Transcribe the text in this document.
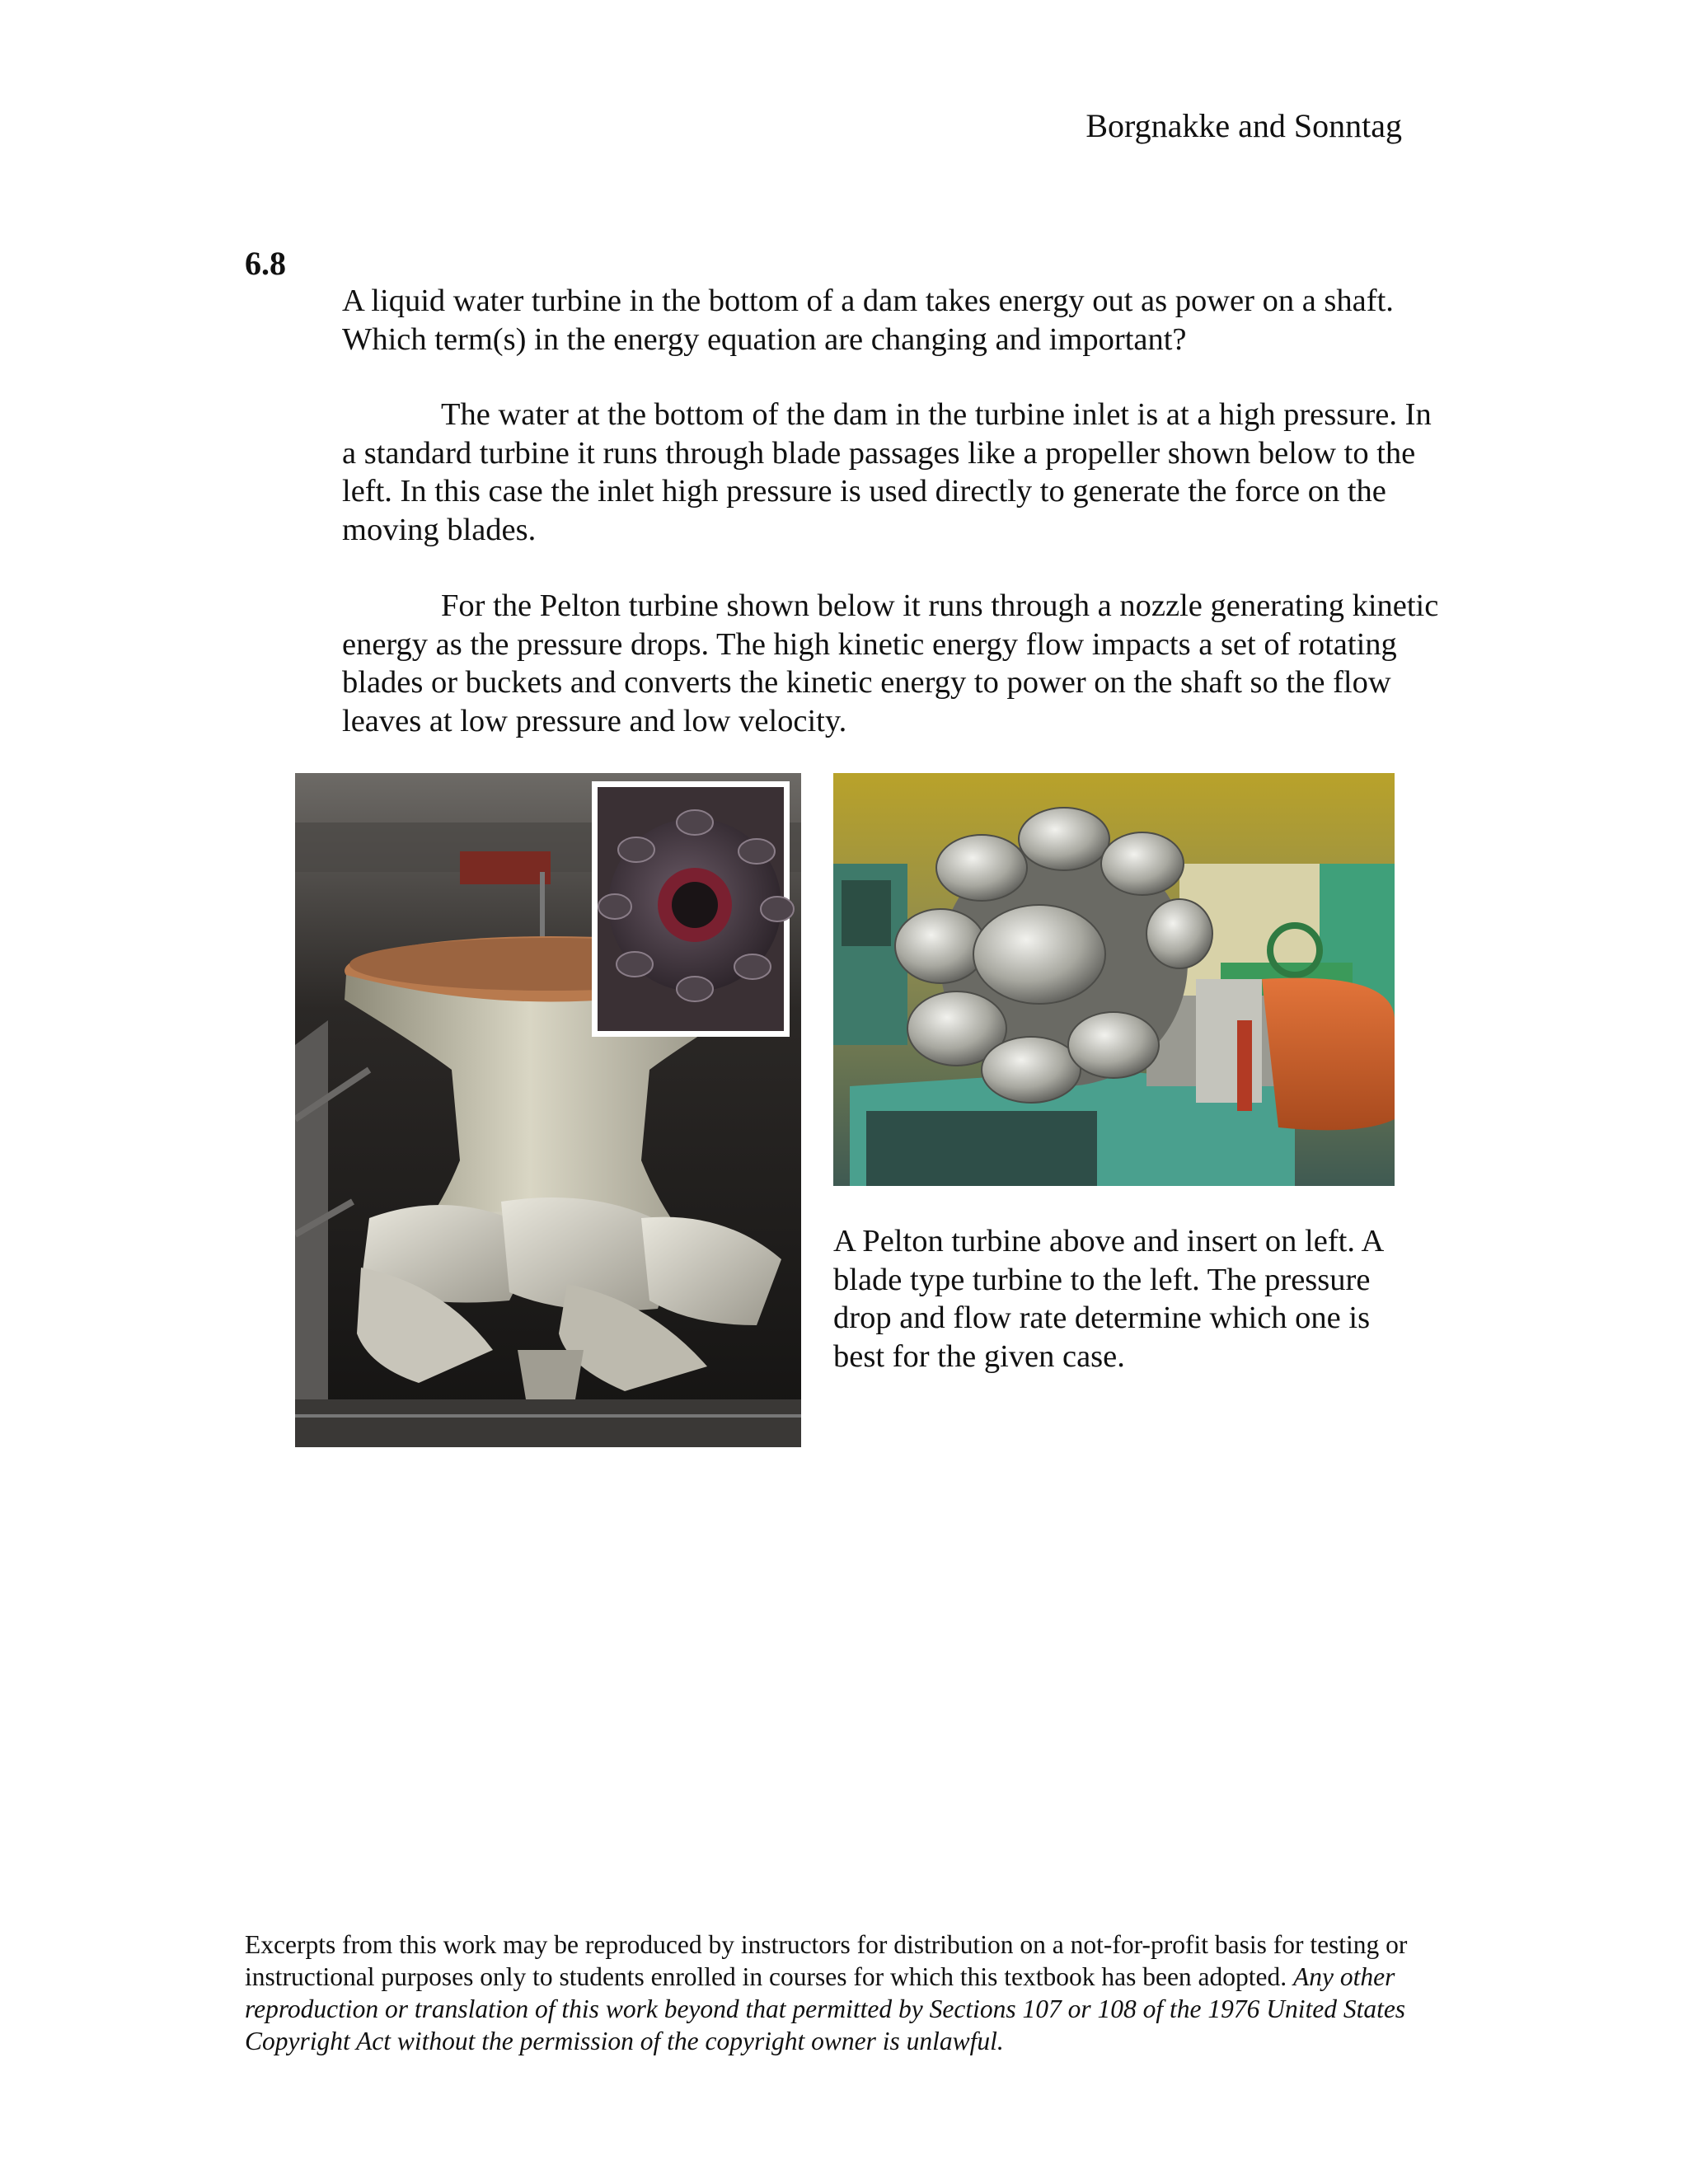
Borgnakke and Sonntag
6.8

A liquid water turbine in the bottom of a dam takes energy out as power on a shaft. Which term(s) in the energy equation are changing and important?

The water at the bottom of the dam in the turbine inlet is at a high pressure. In a standard turbine it runs through blade passages like a propeller shown below to the left. In this case the inlet high pressure is used directly to generate the force on the moving blades.

For the Pelton turbine shown below it runs through a nozzle generating kinetic energy as the pressure drops. The high kinetic energy flow impacts a set of rotating blades or buckets and converts the kinetic energy to power on the shaft so the flow leaves at low pressure and low velocity.

A Pelton turbine above and insert on left. A blade type turbine to the left. The pressure drop and flow rate determine which one is best for the given case.

Excerpts from this work may be reproduced by instructors for distribution on a not-for-profit basis for testing or instructional purposes only to students enrolled in courses for which this textbook has been adopted. Any other reproduction or translation of this work beyond that permitted by Sections 107 or 108 of the 1976 United States Copyright Act without the permission of the copyright owner is unlawful.
